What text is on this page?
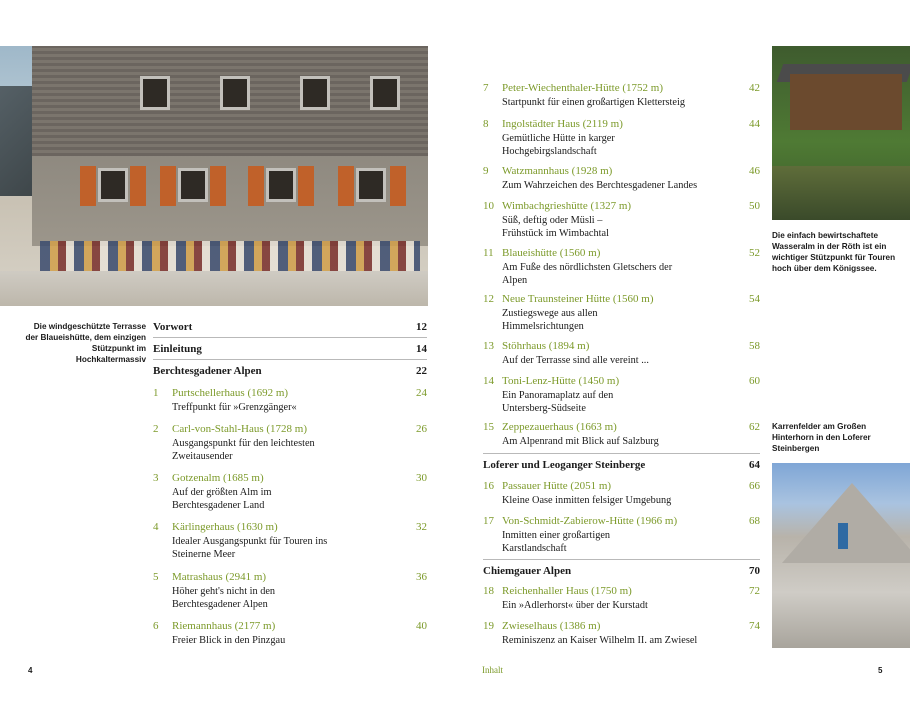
Die windgeschützte Terrasse der Blaueishütte, dem einzigen Stützpunkt im Hochkaltermassiv
Die einfach bewirtschaftete Wasseralm in der Röth ist ein wichtiger Stützpunkt für Touren hoch über dem Königssee.
Karrenfelder am Großen Hinterhorn in den Loferer Steinbergen
Vorwort	12
Einleitung	14
Berchtesgadener Alpen	22
1 Purtschellerhaus (1692 m)	24
Treffpunkt für »Grenzgänger«
2 Carl-von-Stahl-Haus (1728 m)	26
Ausgangspunkt für den leichtesten
Zweitausender
3 Gotzenalm (1685 m)	30
Auf der größten Alm im
Berchtesgadener Land
4 Kärlingerhaus (1630 m)	32
Idealer Ausgangspunkt für Touren ins
Steinerne Meer
5 Matrashaus (2941 m)	36
Höher geht's nicht in den
Berchtesgadener Alpen
6 Riemannhaus (2177 m)	40
Freier Blick in den Pinzgau
7 Peter-Wiechenthaler-Hütte (1752 m)	42
Startpunkt für einen großartigen Klettersteig
8 Ingolstädter Haus (2119 m)	44
Gemütliche Hütte in karger
Hochgebirgslandschaft
9 Watzmannhaus (1928 m)	46
Zum Wahrzeichen des Berchtesgadener Landes
10 Wimbachgrieshütte (1327 m)	50
Süß, deftig oder Müsli –
Frühstück im Wimbachtal
11 Blaueishütte (1560 m)	52
Am Fuße des nördlichsten Gletschers der
Alpen
12 Neue Traunsteiner Hütte (1560 m)	54
Zustiegswege aus allen
Himmelsrichtungen
13 Stöhrhaus (1894 m)	58
Auf der Terrasse sind alle vereint ...
14 Toni-Lenz-Hütte (1450 m)	60
Ein Panoramaplatz auf den
Untersberg-Südseite
15 Zeppezauerhaus (1663 m)	62
Am Alpenrand mit Blick auf Salzburg
Loferer und Leoganger Steinberge	64
16 Passauer Hütte (2051 m)	66
Kleine Oase inmitten felsiger Umgebung
17 Von-Schmidt-Zabierow-Hütte (1966 m)	68
Inmitten einer großartigen
Karstlandschaft
Chiemgauer Alpen	70
18 Reichenhaller Haus (1750 m)	72
Ein »Adlerhorst« über der Kurstadt
19 Zwieselhaus (1386 m)	74
Reminiszenz an Kaiser Wilhelm II. am Zwiesel
4	Inhalt	5
